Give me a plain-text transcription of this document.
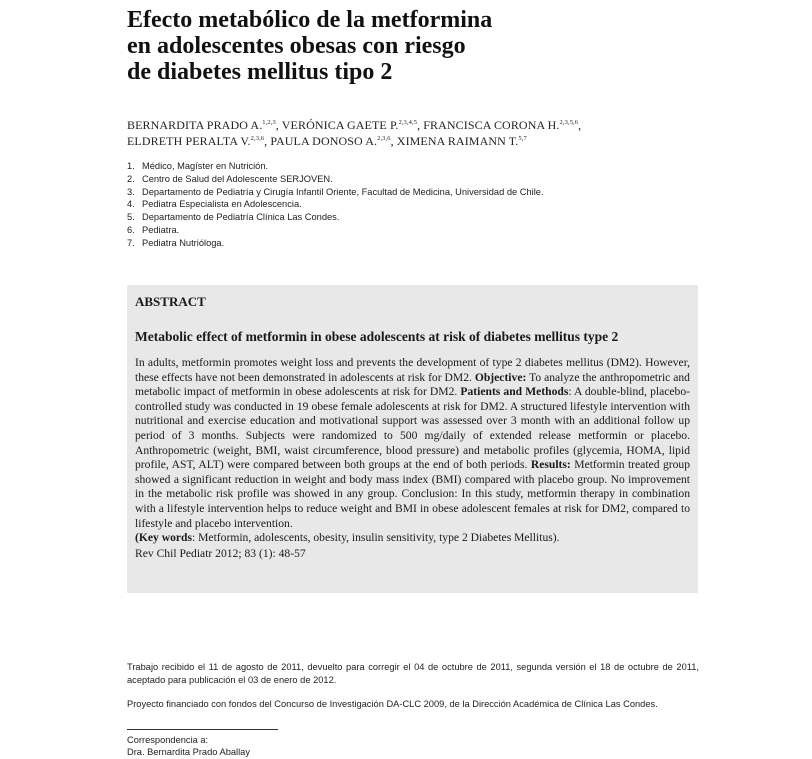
Efecto metabólico de la metformina
en adolescentes obesas con riesgo
de diabetes mellitus tipo 2
BERNARDITA PRADO A.$^{1,2,3}$, VERÓNICA GAETE P.$^{2,3,4,5}$, FRANCISCA CORONA H.$^{2,3,5,6}$,
ELDRETH PERALTA V.$^{2,3,6}$, PAULA DONOSO A.$^{2,3,6}$, XIMENA RAIMANN T.$^{5,7}$
1. Médico, Magíster en Nutrición.
2. Centro de Salud del Adolescente SERJOVEN.
3. Departamento de Pediatría y Cirugía Infantil Oriente, Facultad de Medicina, Universidad de Chile.
4. Pediatra Especialista en Adolescencia.
5. Departamento de Pediatría Clínica Las Condes.
6. Pediatra.
7. Pediatra Nutrióloga.
ABSTRACT
Metabolic effect of metformin in obese adolescents at risk of diabetes mellitus type 2

In adults, metformin promotes weight loss and prevents the development of type 2 diabetes mellitus (DM2). However, these effects have not been demonstrated in adolescents at risk for DM2. Objective: To analyze the anthropometric and metabolic impact of metformin in obese adolescents at risk for DM2. Patients and Methods: A double-blind, placebo-controlled study was conducted in 19 obese female adolescents at risk for DM2. A structured lifestyle intervention with nutritional and exercise education and motivational support was assessed over 3 month with an additional follow up period of 3 months. Subjects were randomized to 500 mg/daily of extended release metformin or placebo. Anthropometric (weight, BMI, waist circumference, blood pressure) and metabolic profiles (glycemia, HOMA, lipid profile, AST, ALT) were compared between both groups at the end of both periods. Results: Metformin treated group showed a significant reduction in weight and body mass index (BMI) compared with placebo group. No improvement in the metabolic risk profile was showed in any group. Conclusion: In this study, metformin therapy in combination with a lifestyle intervention helps to reduce weight and BMI in obese adolescent females at risk for DM2, compared to lifestyle and placebo intervention.

(Key words: Metformin, adolescents, obesity, insulin sensitivity, type 2 Diabetes Mellitus).

Rev Chil Pediatr 2012; 83 (1): 48-57

Trabajo recibido el 11 de agosto de 2011, devuelto para corregir el 04 de octubre de 2011, segunda versión el 18 de octubre de 2011, aceptado para publicación el 03 de enero de 2012.
Proyecto financiado con fondos del Concurso de Investigación DA-CLC 2009, de la Dirección Académica de Clínica Las Condes.
Correspondencia a:
Dra. Bernardita Prado Aballay
